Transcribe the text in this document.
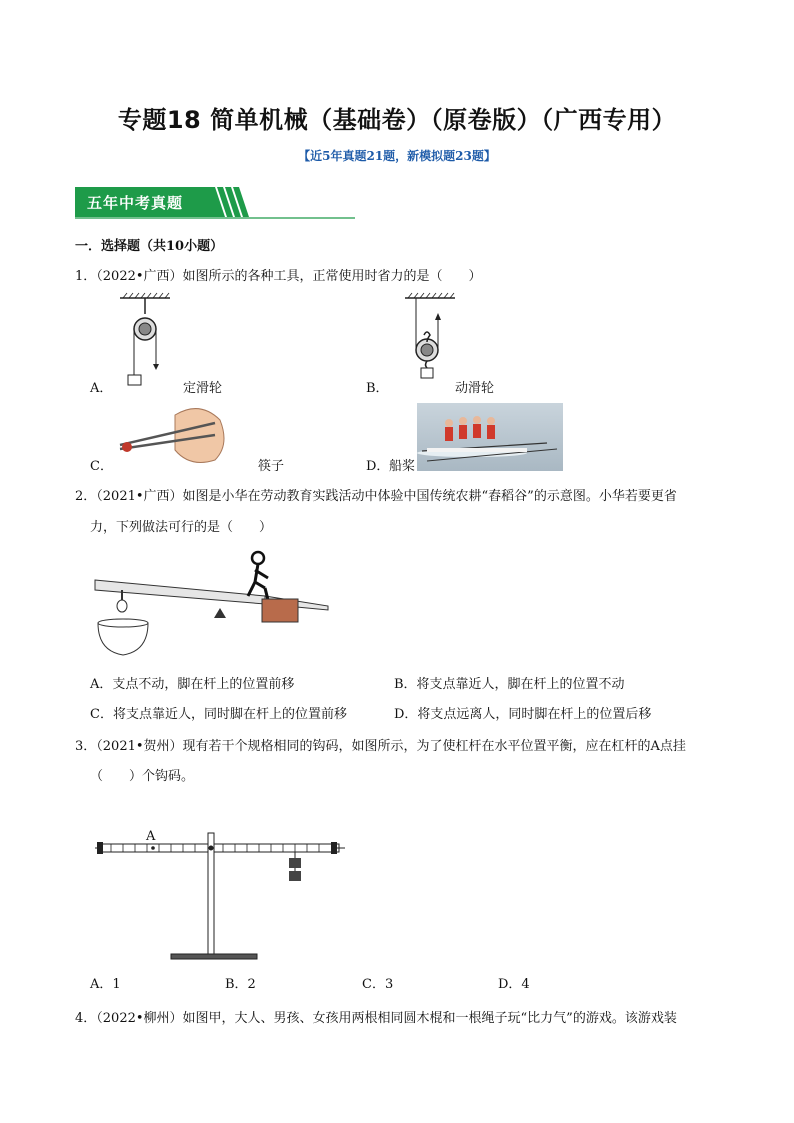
专题18 简单机械（基础卷）（原卷版）（广西专用）
【近5年真题21题，新模拟题23题】
五年中考真题
一．选择题（共10小题）
1．（2022•广西）如图所示的各种工具，正常使用时省力的是（　　）
A．	定滑轮	B．	动滑轮
C．	筷子	D． 船桨
2．（2021•广西）如图是小华在劳动教育实践活动中体验中国传统农耕“舂稻谷”的示意图。小华若要更省
力，下列做法可行的是（　　）
A．支点不动，脚在杆上的位置前移	B．将支点靠近人，脚在杆上的位置不动
C．将支点靠近人，同时脚在杆上的位置前移	D．将支点远离人，同时脚在杆上的位置后移
3．（2021•贺州）现有若干个规格相同的钩码，如图所示，为了使杠杆在水平位置平衡，应在杠杆的A点挂
（　　）个钩码。
A
A．1	B．2	C．3	D．4
4．（2022•柳州）如图甲，大人、男孩、女孩用两根相同圆木棍和一根绳子玩“比力气”的游戏。该游戏装
